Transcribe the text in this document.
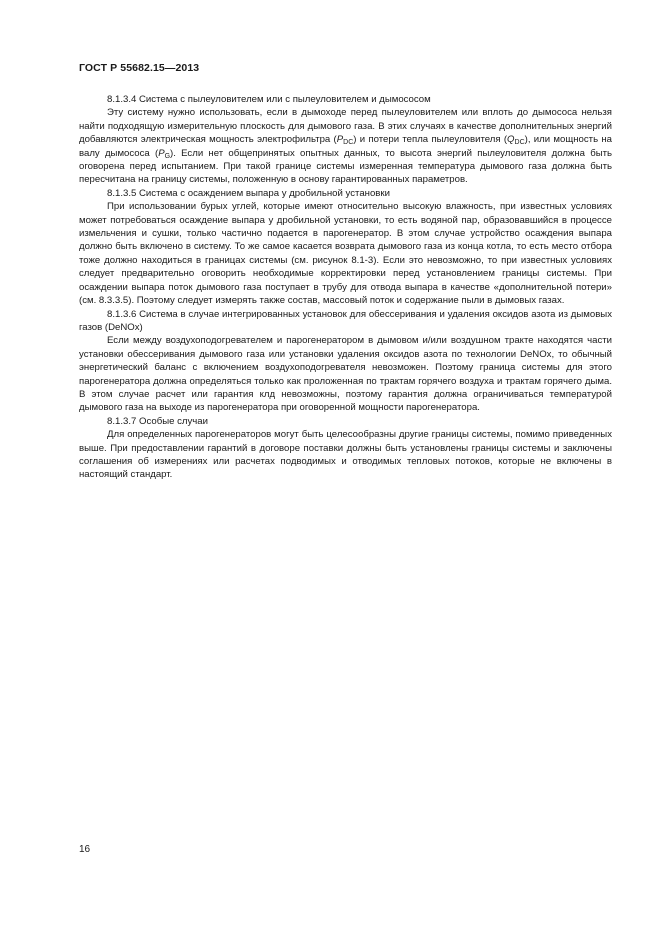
ГОСТ Р 55682.15—2013

8.1.3.4 Система с пылеуловителем или с пылеуловителем и дымососом

Эту систему нужно использовать, если в дымоходе перед пылеуловителем или вплоть до дымососа нельзя найти подходящую измерительную плоскость для дымового газа. В этих случаях в качестве дополнительных энергий добавляются электрическая мощность электрофильтра $(P_{DC})$ и потери тепла пылеуловителя $(Q_{DC})$, или мощность на валу дымососа $(P_G)$. Если нет общепринятых опытных данных, то высота энергий пылеуловителя должна быть оговорена перед испытанием. При такой границе системы измеренная температура дымового газа должна быть пересчитана на границу системы, положенную в основу гарантированных параметров.

8.1.3.5 Система с осаждением выпара у дробильной установки

При использовании бурых углей, которые имеют относительно высокую влажность, при известных условиях может потребоваться осаждение выпара у дробильной установки, то есть водяной пар, образовавшийся в процессе измельчения и сушки, только частично подается в парогенератор. В этом случае устройство осаждения выпара должно быть включено в систему. То же самое касается возврата дымового газа из конца котла, то есть место отбора тоже должно находиться в границах системы (см. рисунок 8.1-3). Если это невозможно, то при известных условиях следует предварительно оговорить необходимые корректировки перед установлением границы системы. При осаждении выпара поток дымового газа поступает в трубу для отвода выпара в качестве «дополнительной потери» (см. 8.3.3.5). Поэтому следует измерять также состав, массовый поток и содержание пыли в дымовых газах.

8.1.3.6 Система в случае интегрированных установок для обессеривания и удаления оксидов азота из дымовых газов (DeNOx)

Если между воздухоподогревателем и парогенератором в дымовом и/или воздушном тракте находятся части установки обессеривания дымового газа или установки удаления оксидов азота по технологии DeNOx, то обычный энергетический баланс с включением воздухоподогревателя невозможен. Поэтому граница системы для этого парогенератора должна определяться только как проложенная по трактам горячего воздуха и трактам горячего дыма. В этом случае расчет или гарантия клд невозможны, поэтому гарантия должна ограничиваться температурой дымового газа на выходе из парогенератора при оговоренной мощности парогенератора.

8.1.3.7 Особые случаи

Для определенных парогенераторов могут быть целесообразны другие границы системы, помимо приведенных выше. При предоставлении гарантий в договоре поставки должны быть установлены границы системы и заключены соглашения об измерениях или расчетах подводимых и отводимых тепловых потоков, которые не включены в настоящий стандарт.

16
